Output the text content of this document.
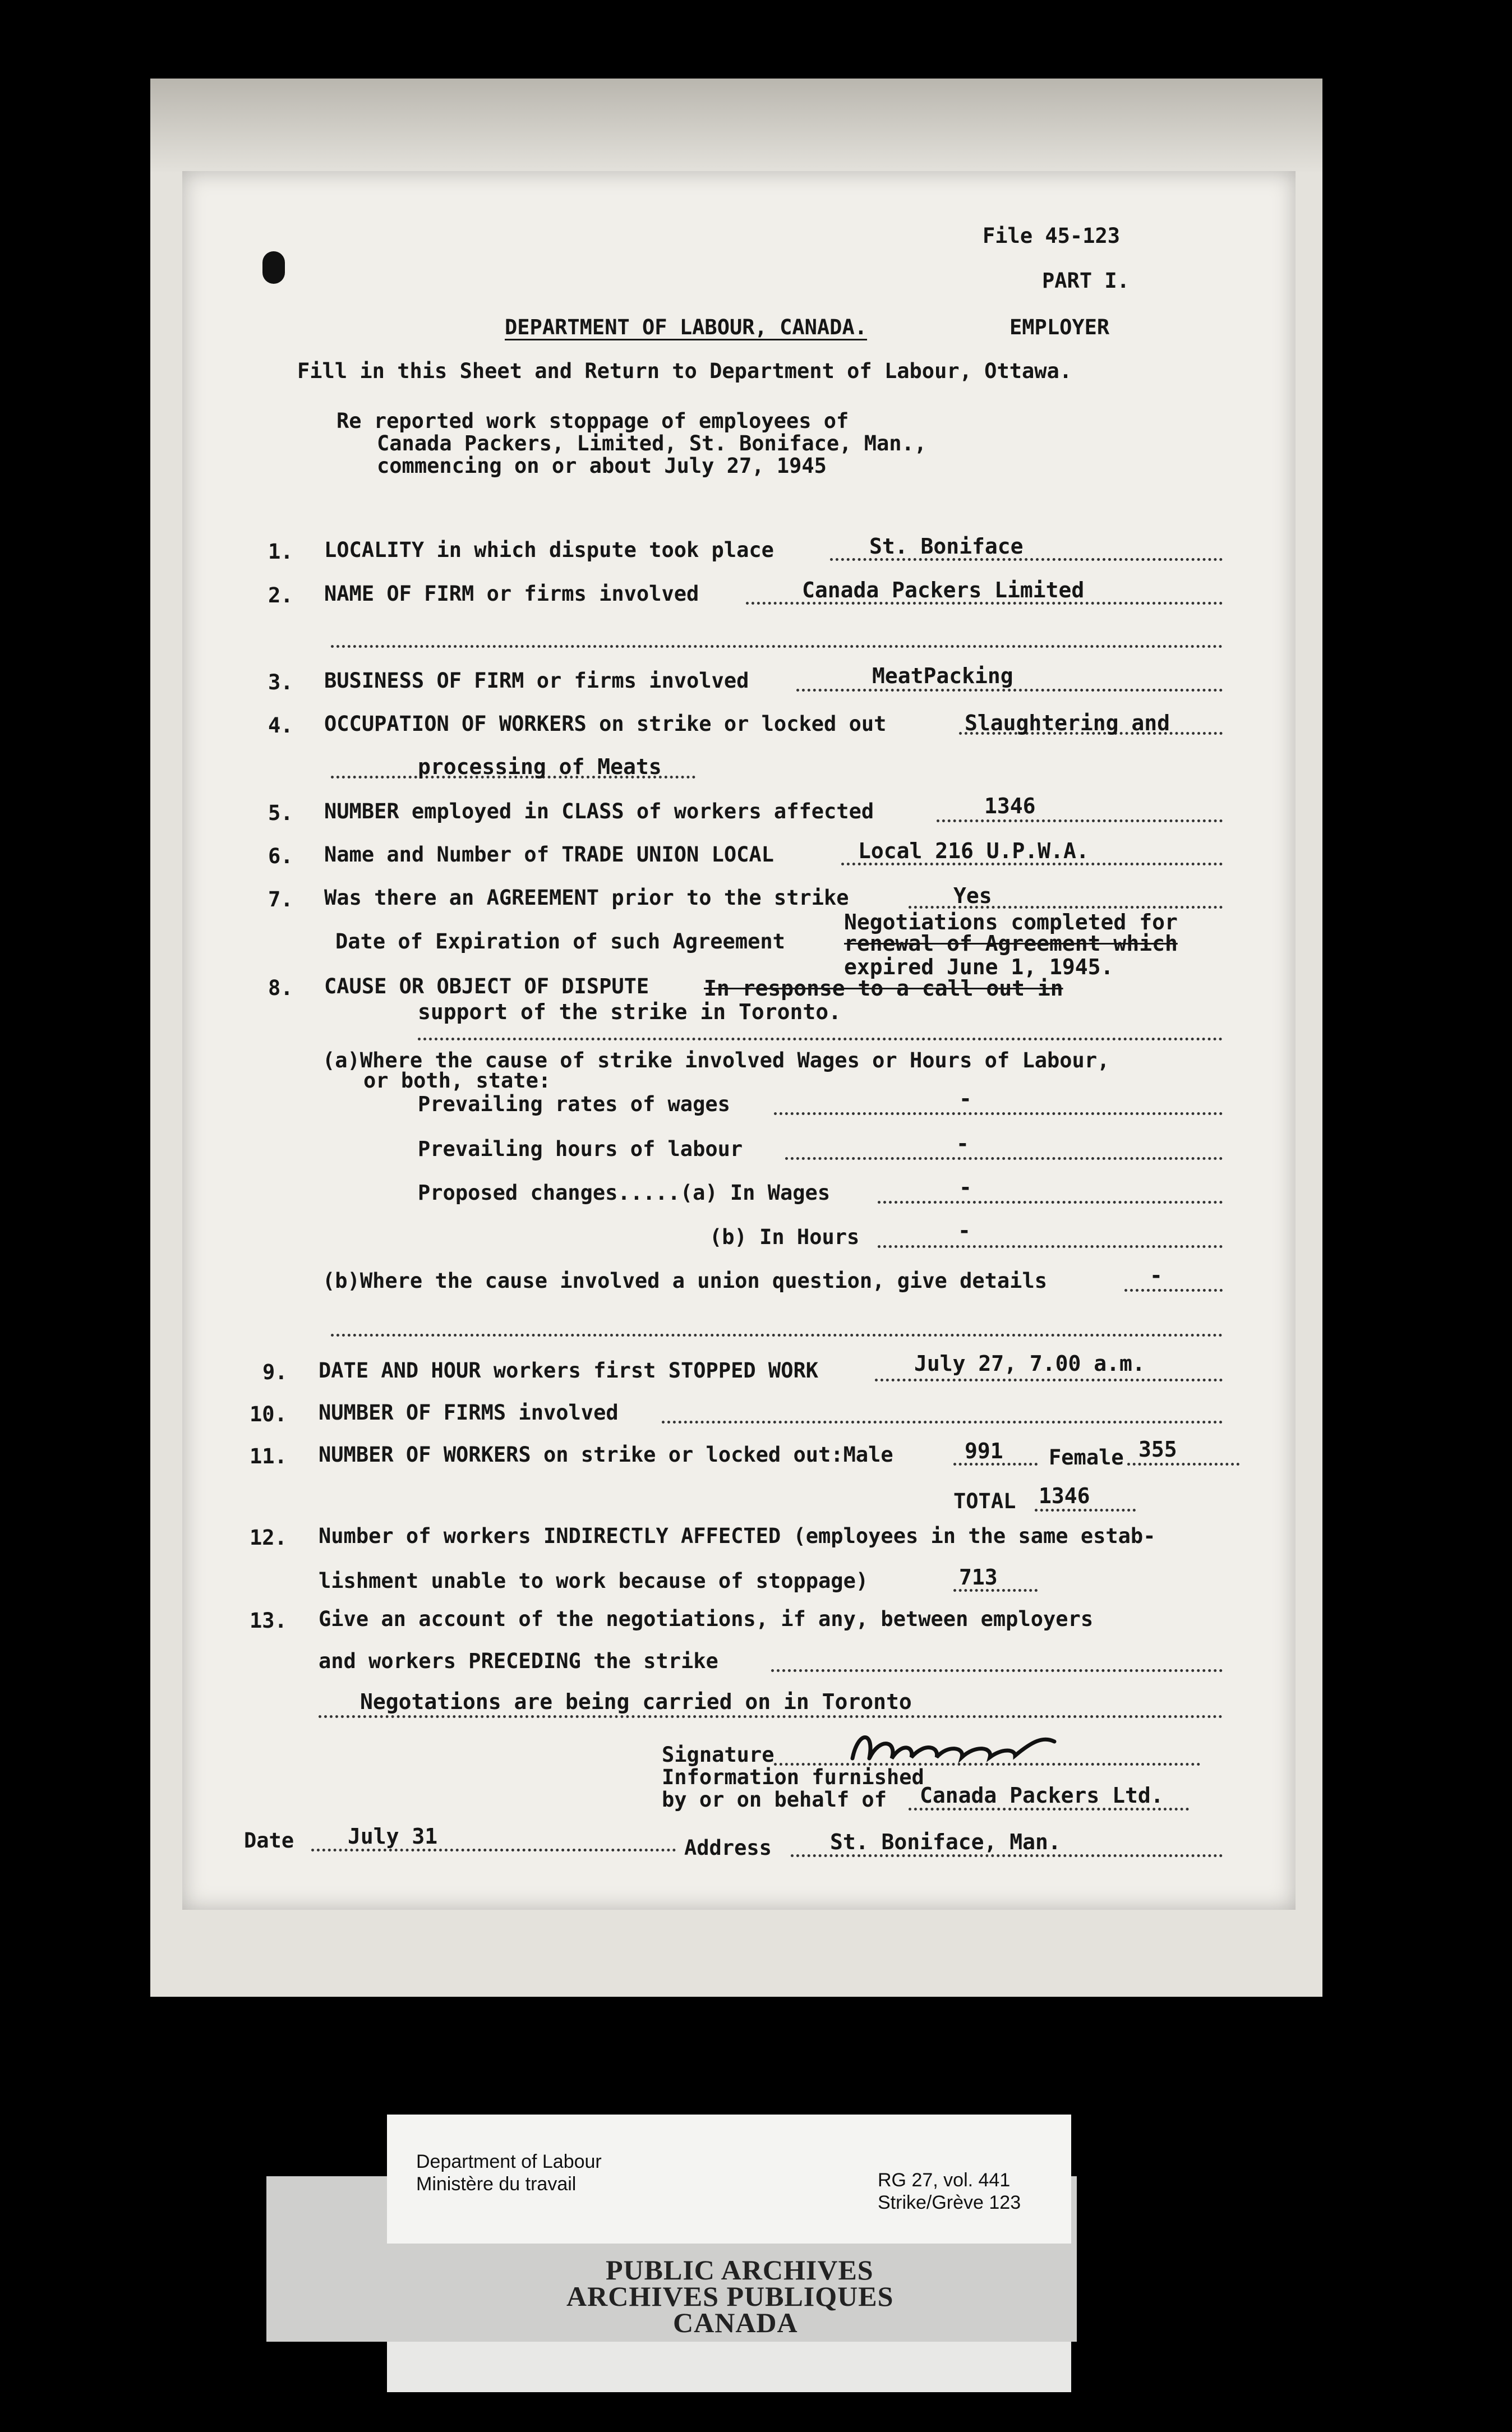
File 45-123
PART I.
DEPARTMENT OF LABOUR, CANADA.	EMPLOYER
Fill in this Sheet and Return to Department of Labour, Ottawa.
Re reported work stoppage of employees of
Canada Packers, Limited, St. Boniface, Man.,
commencing on or about July 27, 1945
1. LOCALITY in which dispute took place	St. Boniface
2. NAME OF FIRM or firms involved	Canada Packers Limited
3. BUSINESS OF FIRM or firms involved	MeatPacking
4. OCCUPATION OF WORKERS on strike or locked out	Slaughtering and
processing of Meats
5. NUMBER employed in CLASS of workers affected	1346
6. Name and Number of TRADE UNION LOCAL	Local 216 U.P.W.A.
7. Was there an AGREEMENT prior to the strike	Yes
Date of Expiration of such Agreement
Negotiations completed for
renewal of Agreement which
expired June 1, 1945.
8. CAUSE OR OBJECT OF DISPUTE	In response to a call out in
support of the strike in Toronto.
(a)Where the cause of strike involved Wages or Hours of Labour,
or both, state:
Prevailing rates of wages	-
Prevailing hours of labour	-
Proposed changes.....(a) In Wages	-
(b) In Hours	-
(b)Where the cause involved a union question, give details	-
9. DATE AND HOUR workers first STOPPED WORK	July 27, 7.00 a.m.
10. NUMBER OF FIRMS involved
11. NUMBER OF WORKERS on strike or locked out:Male	991 Female 355
TOTAL 1346
12. Number of workers INDIRECTLY AFFECTED (employees in the same estab-
lishment unable to work because of stoppage)	713
13. Give an account of the negotiations, if any, between employers
and workers PRECEDING the strike
Negotations are being carried on in Toronto
Signature
Information furnished
by or on behalf of Canada Packers Ltd.
Date	July 31	Address	St. Boniface, Man.
Department of Labour
Ministère du travail	RG 27, vol. 441
Strike/Grève 123
PUBLIC ARCHIVES
ARCHIVES PUBLIQUES
CANADA
